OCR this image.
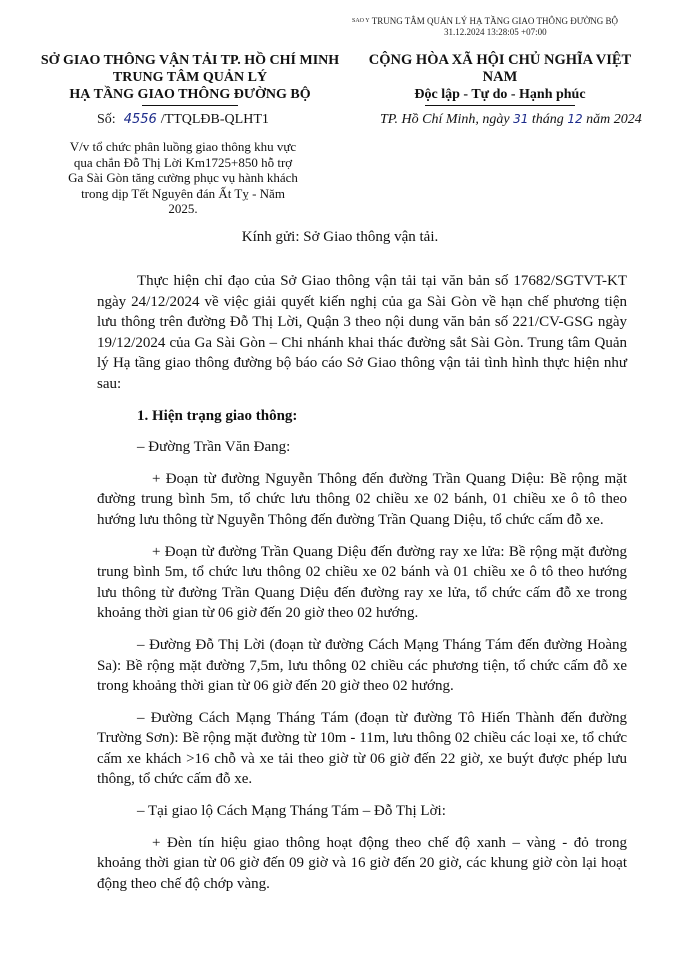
$^{SAO Y}$ TRUNG TÂM QUẢN LÝ HẠ TẦNG GIAO THÔNG ĐƯỜNG BỘ
31.12.2024 13:28:05 +07:00
SỞ GIAO THÔNG VẬN TẢI TP. HỒ CHÍ MINH
TRUNG TÂM QUẢN LÝ
HẠ TẦNG GIAO THÔNG ĐƯỜNG BỘ
CỘNG HÒA XÃ HỘI CHỦ NGHĨA VIỆT NAM
Độc lập - Tự do - Hạnh phúc
Số: 4556 /TTQLĐB-QLHT1	TP. Hồ Chí Minh, ngày 31 tháng 12 năm 2024
V/v tổ chức phân luồng giao thông khu vực qua chắn Đỗ Thị Lời Km1725+850 hỗ trợ Ga Sài Gòn tăng cường phục vụ hành khách trong dịp Tết Nguyên đán Ất Tỵ - Năm 2025.
Kính gửi: Sở Giao thông vận tải.

Thực hiện chỉ đạo của Sở Giao thông vận tải tại văn bản số 17682/SGTVT-KT ngày 24/12/2024 về việc giải quyết kiến nghị của ga Sài Gòn về hạn chế phương tiện lưu thông trên đường Đỗ Thị Lời, Quận 3 theo nội dung văn bản số 221/CV-GSG ngày 19/12/2024 của Ga Sài Gòn – Chi nhánh khai thác đường sắt Sài Gòn. Trung tâm Quản lý Hạ tầng giao thông đường bộ báo cáo Sở Giao thông vận tải tình hình thực hiện như sau:

1. Hiện trạng giao thông:

– Đường Trần Văn Đang:

+ Đoạn từ đường Nguyễn Thông đến đường Trần Quang Diệu: Bề rộng mặt đường trung bình 5m, tổ chức lưu thông 02 chiều xe 02 bánh, 01 chiều xe ô tô theo hướng lưu thông từ Nguyễn Thông đến đường Trần Quang Diệu, tổ chức cấm đỗ xe.

+ Đoạn từ đường Trần Quang Diệu đến đường ray xe lửa: Bề rộng mặt đường trung bình 5m, tổ chức lưu thông 02 chiều xe 02 bánh và 01 chiều xe ô tô theo hướng lưu thông từ đường Trần Quang Diệu đến đường ray xe lửa, tổ chức cấm đỗ xe trong khoảng thời gian từ 06 giờ đến 20 giờ theo 02 hướng.

– Đường Đỗ Thị Lời (đoạn từ đường Cách Mạng Tháng Tám đến đường Hoàng Sa): Bề rộng mặt đường 7,5m, lưu thông 02 chiều các phương tiện, tổ chức cấm đỗ xe trong khoảng thời gian từ 06 giờ đến 20 giờ theo 02 hướng.

– Đường Cách Mạng Tháng Tám (đoạn từ đường Tô Hiến Thành đến đường Trường Sơn): Bề rộng mặt đường từ 10m - 11m, lưu thông 02 chiều các loại xe, tổ chức cấm xe khách >16 chỗ và xe tải theo giờ từ 06 giờ đến 22 giờ, xe buýt được phép lưu thông, tổ chức cấm đỗ xe.

– Tại giao lộ Cách Mạng Tháng Tám – Đỗ Thị Lời:

+ Đèn tín hiệu giao thông hoạt động theo chế độ xanh – vàng - đỏ trong khoảng thời gian từ 06 giờ đến 09 giờ và 16 giờ đến 20 giờ, các khung giờ còn lại hoạt động theo chế độ chớp vàng.
